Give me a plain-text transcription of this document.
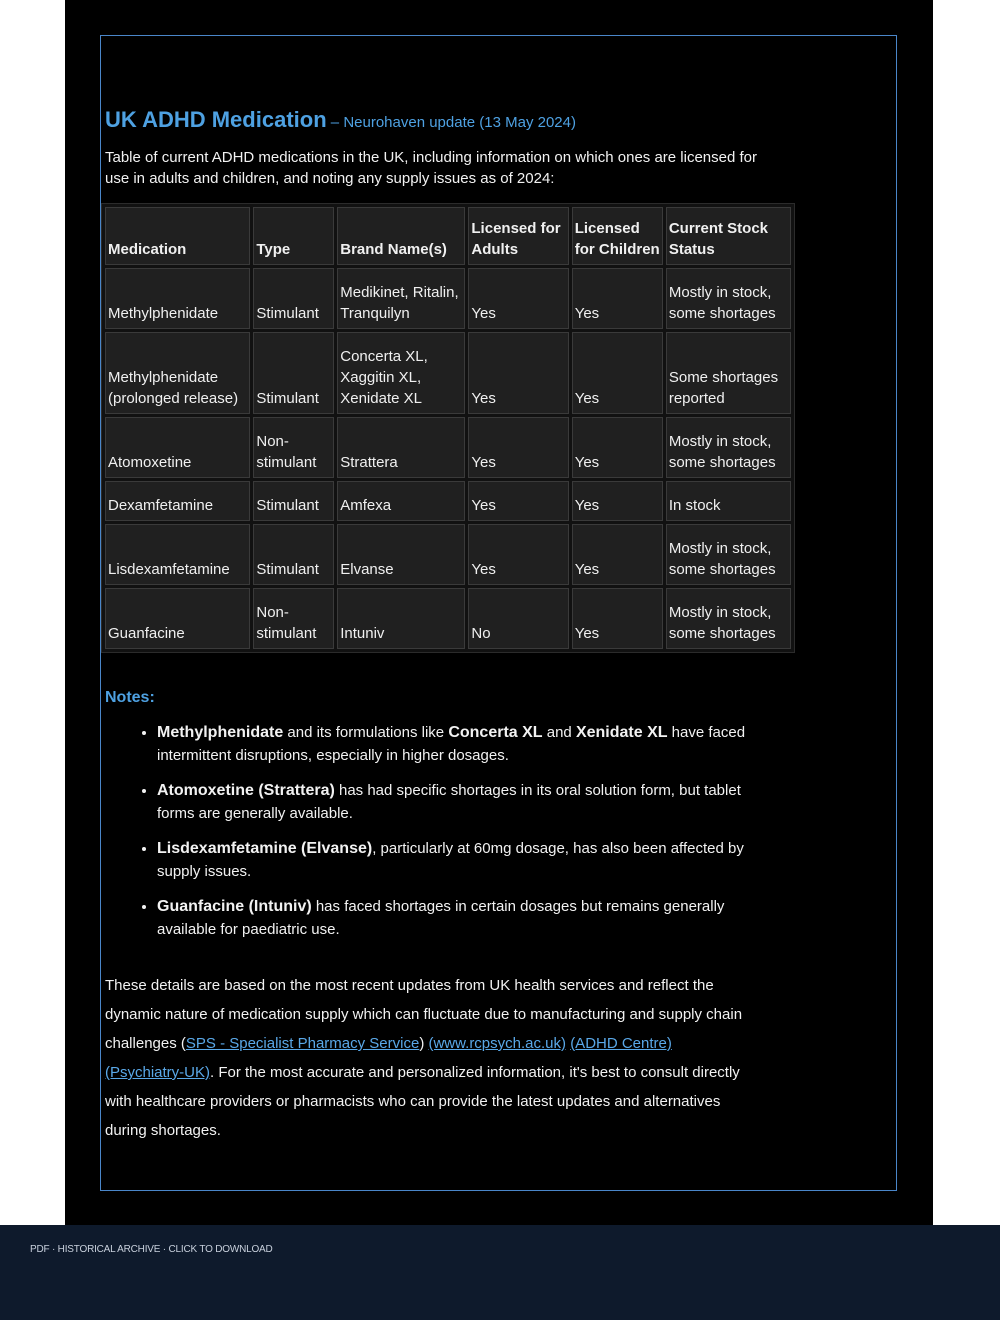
UK ADHD Medication – Neurohaven update (13 May 2024)
Table of current ADHD medications in the UK, including information on which ones are licensed for use in adults and children, and noting any supply issues as of 2024:
Medication	Type	Brand Name(s)	Licensed for Adults	Licensed for Children	Current Stock Status
Methylphenidate	Stimulant	Medikinet, Ritalin, Tranquilyn	Yes	Yes	Mostly in stock, some shortages
Methylphenidate (prolonged release)	Stimulant	Concerta XL, Xaggitin XL, Xenidate XL	Yes	Yes	Some shortages reported
Atomoxetine	Non-stimulant	Strattera	Yes	Yes	Mostly in stock, some shortages
Dexamfetamine	Stimulant	Amfexa	Yes	Yes	In stock
Lisdexamfetamine	Stimulant	Elvanse	Yes	Yes	Mostly in stock, some shortages
Guanfacine	Non-stimulant	Intuniv	No	Yes	Mostly in stock, some shortages
Notes:
• Methylphenidate and its formulations like Concerta XL and Xenidate XL have faced intermittent disruptions, especially in higher dosages.
• Atomoxetine (Strattera) has had specific shortages in its oral solution form, but tablet forms are generally available.
• Lisdexamfetamine (Elvanse), particularly at 60mg dosage, has also been affected by supply issues.
• Guanfacine (Intuniv) has faced shortages in certain dosages but remains generally available for paediatric use.
These details are based on the most recent updates from UK health services and reflect the dynamic nature of medication supply which can fluctuate due to manufacturing and supply chain challenges (SPS - Specialist Pharmacy Service) (www.rcpsych.ac.uk) (ADHD Centre) (Psychiatry-UK). For the most accurate and personalized information, it's best to consult directly with healthcare providers or pharmacists who can provide the latest updates and alternatives during shortages.
PDF · HISTORICAL ARCHIVE · CLICK TO DOWNLOAD
